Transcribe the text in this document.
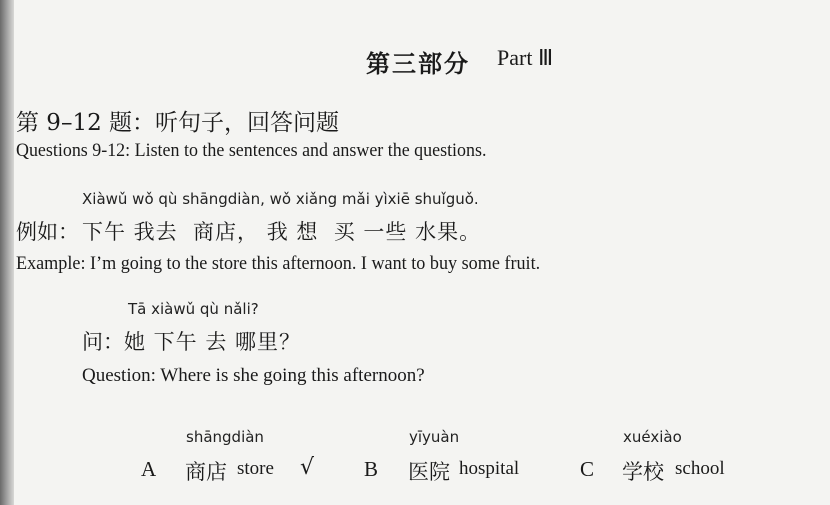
第三部分 Part Ⅲ
第 9–12 题：听句子，回答问题
Questions 9-12: Listen to the sentences and answer the questions.
Xiàwǔ wǒ qù shāngdiàn, wǒ xiǎng mǎi yìxiē shuǐguǒ.
例如： 下午 我去  商店， 我 想  买 一些 水果。
Example: I’m going to the store this afternoon. I want to buy some fruit.
Tā xiàwǔ qù nǎli?
问： 她 下午 去 哪里？
Question: Where is she going this afternoon?
shāngdiàn
A 商店 store √
yīyuàn
B 医院 hospital
xuéxiào
C 学校 school
